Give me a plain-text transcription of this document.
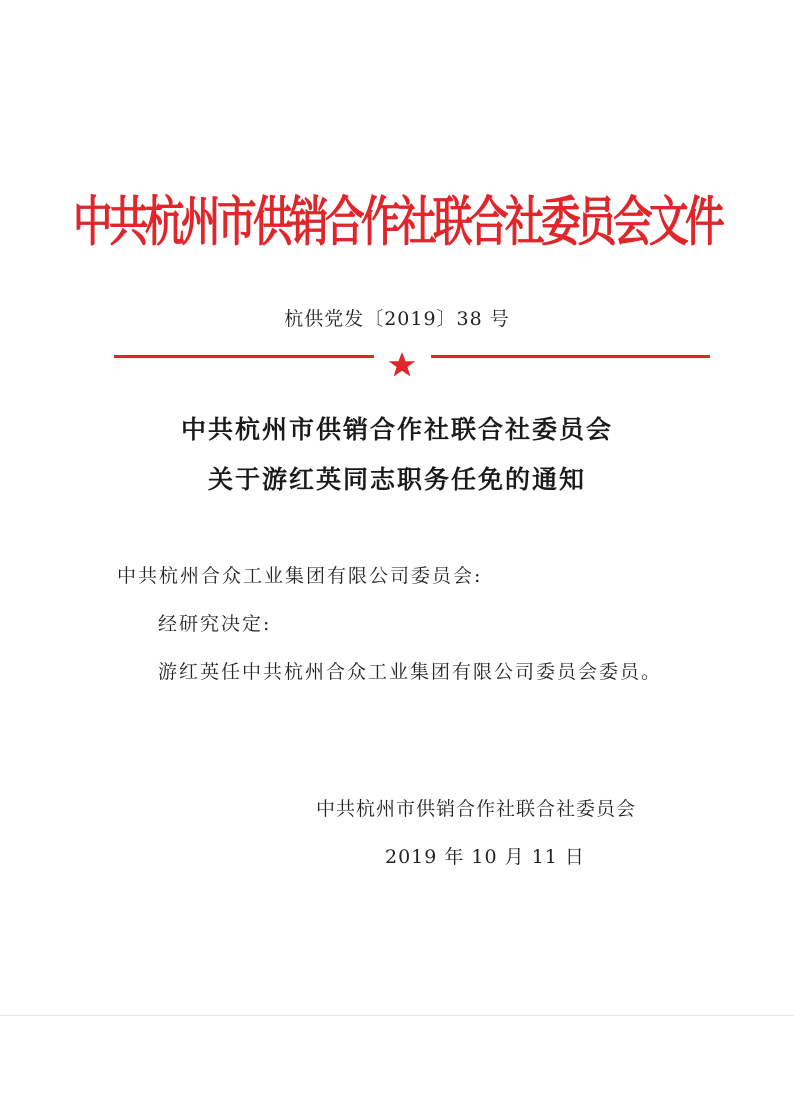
中共杭州市供销合作社联合社委员会文件
杭供党发〔2019〕38 号
中共杭州市供销合作社联合社委员会
关于游红英同志职务任免的通知
中共杭州合众工业集团有限公司委员会:
经研究决定:
游红英任中共杭州合众工业集团有限公司委员会委员。
中共杭州市供销合作社联合社委员会
2019 年 10 月 11 日
